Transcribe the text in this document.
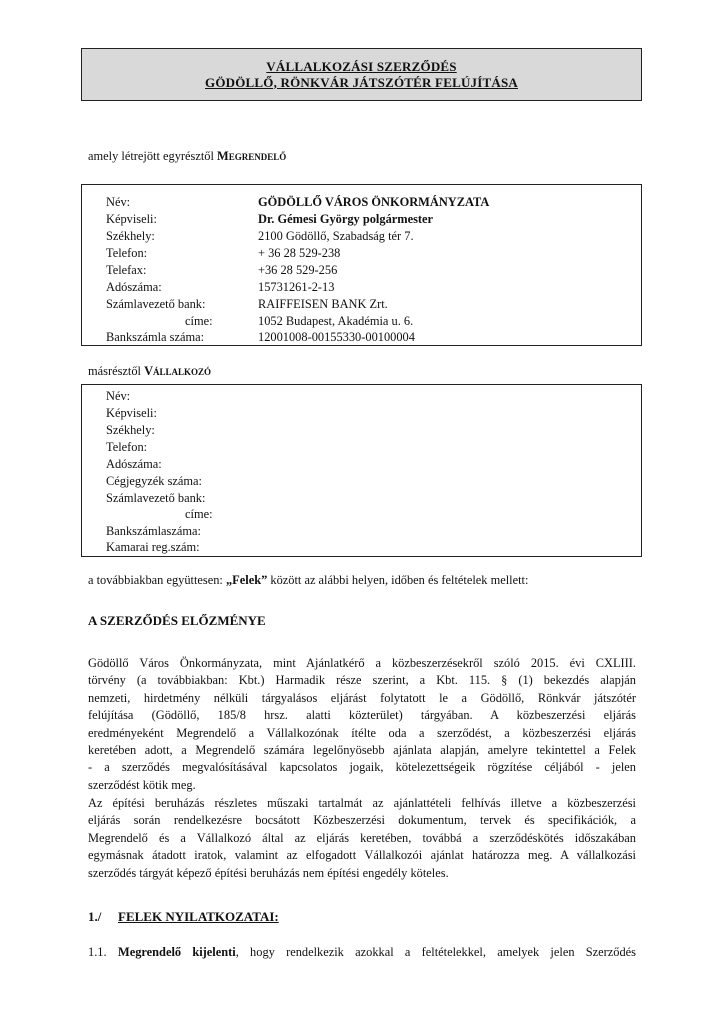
VÁLLALKOZÁSI SZERZŐDÉS
GÖDÖLLŐ, RÖNKVÁR JÁTSZÓTÉR FELÚJÍTÁSA
amely létrejött egyrésztől Megrendelő
Név:	GÖDÖLLŐ VÁROS ÖNKORMÁNYZATA
Képviseli:	Dr. Gémesi György polgármester
Székhely:	2100 Gödöllő, Szabadság tér 7.
Telefon:	+ 36 28 529-238
Telefax:	+36 28 529-256
Adószáma:	15731261-2-13
Számlavezető bank:	RAIFFEISEN BANK Zrt.
címe:	1052 Budapest, Akadémia u. 6.
Bankszámla száma:	12001008-00155330-00100004
másrésztől Vállalkozó
Név:
Képviseli:
Székhely:
Telefon:
Adószáma:
Cégjegyzék száma:
Számlavezető bank:
címe:
Bankszámlaszáma:
Kamarai reg.szám:
a továbbiakban együttesen: „Felek” között az alábbi helyen, időben és feltételek mellett:
A SZERZŐDÉS ELŐZMÉNYE
Gödöllő Város Önkormányzata, mint Ajánlatkérő a közbeszerzésekről szóló 2015. évi CXLIII.
törvény (a továbbiakban: Kbt.) Harmadik része szerint, a Kbt. 115. § (1) bekezdés alapján
nemzeti, hirdetmény nélküli tárgyalásos eljárást folytatott le a Gödöllő, Rönkvár játszótér
felújítása (Gödöllő, 185/8 hrsz. alatti közterület) tárgyában. A közbeszerzési eljárás
eredményeként Megrendelő a Vállalkozónak ítélte oda a szerződést, a közbeszerzési eljárás
keretében adott, a Megrendelő számára legelőnyösebb ajánlata alapján, amelyre tekintettel a Felek
- a szerződés megvalósításával kapcsolatos jogaik, kötelezettségeik rögzítése céljából - jelen
szerződést kötik meg.
Az építési beruházás részletes műszaki tartalmát az ajánlattételi felhívás illetve a közbeszerzési
eljárás során rendelkezésre bocsátott Közbeszerzési dokumentum, tervek és specifikációk, a
Megrendelő és a Vállalkozó által az eljárás keretében, továbbá a szerződéskötés időszakában
egymásnak átadott iratok, valamint az elfogadott Vállalkozói ajánlat határozza meg. A vállalkozási
szerződés tárgyát képező építési beruházás nem építési engedély köteles.
1./ FELEK NYILATKOZATAI:
1.1. Megrendelő kijelenti, hogy rendelkezik azokkal a feltételekkel, amelyek jelen Szerződés
